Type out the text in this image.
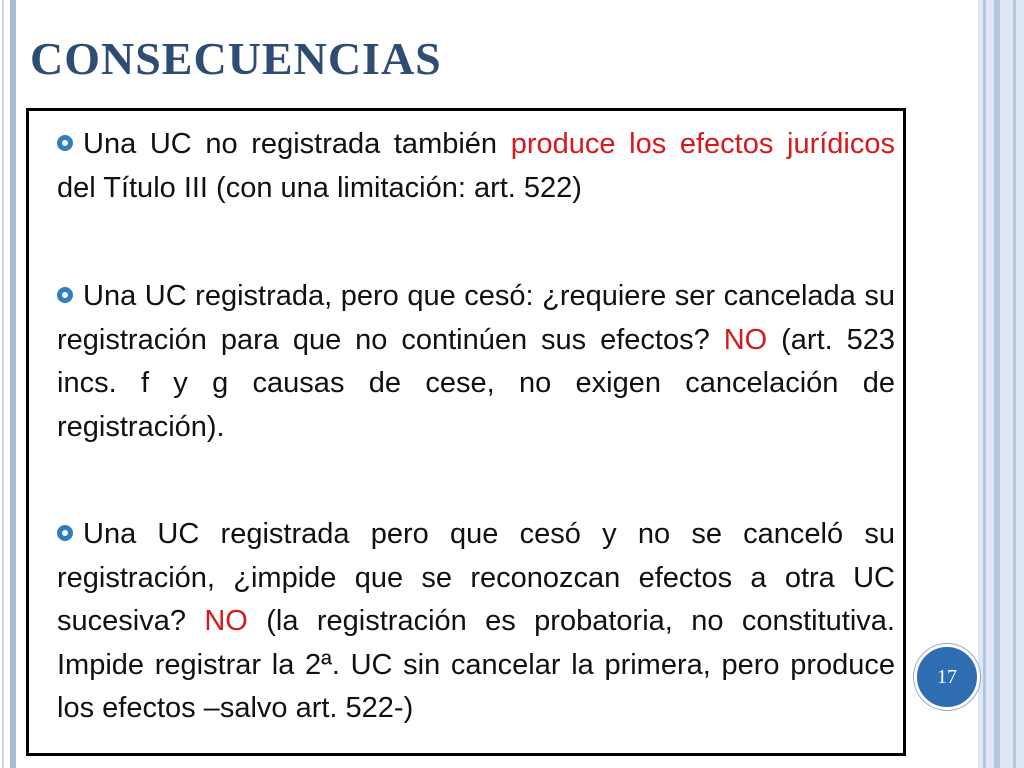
CONSECUENCIAS

Una UC no registrada también produce los efectos jurídicos del Título III (con una limitación: art. 522)

Una UC registrada, pero que cesó: ¿requiere ser cancelada su registración para que no continúen sus efectos? NO (art. 523 incs. f y g causas de cese, no exigen cancelación de registración).

Una UC registrada pero que cesó y no se canceló su registración, ¿impide que se reconozcan efectos a otra UC sucesiva? NO (la registración es probatoria, no constitutiva. Impide registrar la 2ª. UC sin cancelar la primera, pero produce los efectos –salvo art. 522-)

17
